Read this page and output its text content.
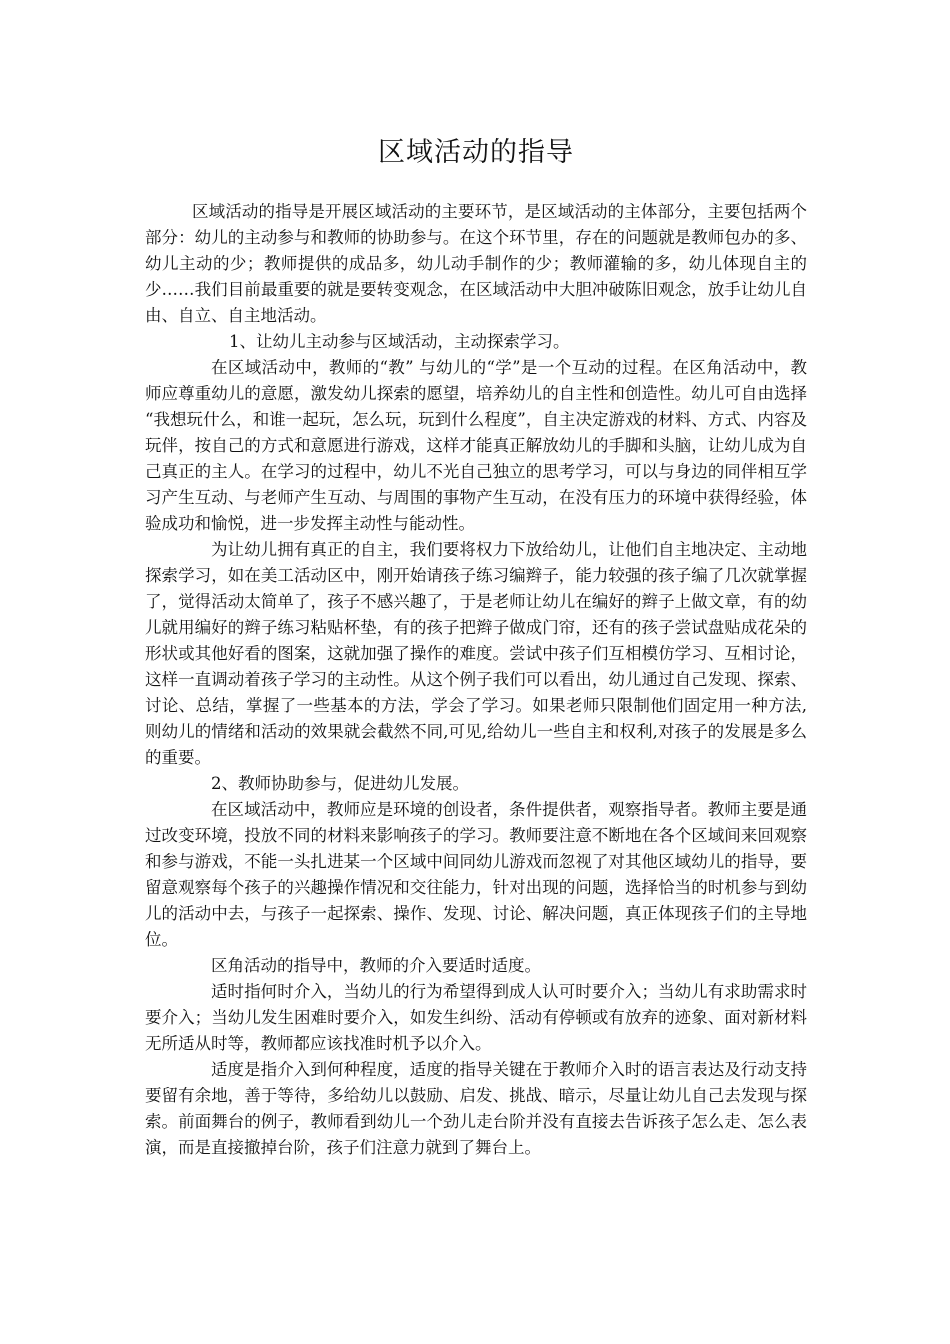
区域活动的指导

区域活动的指导是开展区域活动的主要环节，是区域活动的主体部分，主要包括两个部分：幼儿的主动参与和教师的协助参与。在这个环节里，存在的问题就是教师包办的多、幼儿主动的少；教师提供的成品多，幼儿动手制作的少；教师灌输的多，幼儿体现自主的少……我们目前最重要的就是要转变观念，在区域活动中大胆冲破陈旧观念，放手让幼儿自由、自立、自主地活动。

1、让幼儿主动参与区域活动，主动探索学习。

在区域活动中，教师的“教” 与幼儿的“学”是一个互动的过程。在区角活动中，教师应尊重幼儿的意愿，激发幼儿探索的愿望，培养幼儿的自主性和创造性。幼儿可自由选择 “我想玩什么，和谁一起玩，怎么玩，玩到什么程度”，自主决定游戏的材料、方式、内容及玩伴，按自己的方式和意愿进行游戏，这样才能真正解放幼儿的手脚和头脑，让幼儿成为自己真正的主人。在学习的过程中，幼儿不光自己独立的思考学习，可以与身边的同伴相互学习产生互动、与老师产生互动、与周围的事物产生互动，在没有压力的环境中获得经验，体验成功和愉悦，进一步发挥主动性与能动性。

为让幼儿拥有真正的自主，我们要将权力下放给幼儿，让他们自主地决定、主动地探索学习，如在美工活动区中，刚开始请孩子练习编辫子，能力较强的孩子编了几次就掌握了，觉得活动太简单了，孩子不感兴趣了，于是老师让幼儿在编好的辫子上做文章，有的幼儿就用编好的辫子练习粘贴杯垫，有的孩子把辫子做成门帘，还有的孩子尝试盘贴成花朵的形状或其他好看的图案，这就加强了操作的难度。尝试中孩子们互相模仿学习、互相讨论，这样一直调动着孩子学习的主动性。从这个例子我们可以看出，幼儿通过自己发现、探索、讨论、总结，掌握了一些基本的方法，学会了学习。如果老师只限制他们固定用一种方法,则幼儿的情绪和活动的效果就会截然不同,可见,给幼儿一些自主和权利,对孩子的发展是多么的重要。

2、教师协助参与，促进幼儿发展。

在区域活动中，教师应是环境的创设者，条件提供者，观察指导者。教师主要是通过改变环境，投放不同的材料来影响孩子的学习。教师要注意不断地在各个区域间来回观察和参与游戏，不能一头扎进某一个区域中间同幼儿游戏而忽视了对其他区域幼儿的指导，要留意观察每个孩子的兴趣操作情况和交往能力，针对出现的问题，选择恰当的时机参与到幼儿的活动中去，与孩子一起探索、操作、发现、讨论、解决问题，真正体现孩子们的主导地位。

区角活动的指导中，教师的介入要适时适度。

适时指何时介入，当幼儿的行为希望得到成人认可时要介入；当幼儿有求助需求时要介入；当幼儿发生困难时要介入，如发生纠纷、活动有停顿或有放弃的迹象、面对新材料无所适从时等，教师都应该找准时机予以介入。

适度是指介入到何种程度，适度的指导关键在于教师介入时的语言表达及行动支持要留有余地，善于等待，多给幼儿以鼓励、启发、挑战、暗示，尽量让幼儿自己去发现与探索。前面舞台的例子，教师看到幼儿一个劲儿走台阶并没有直接去告诉孩子怎么走、怎么表演，而是直接撤掉台阶，孩子们注意力就到了舞台上。
